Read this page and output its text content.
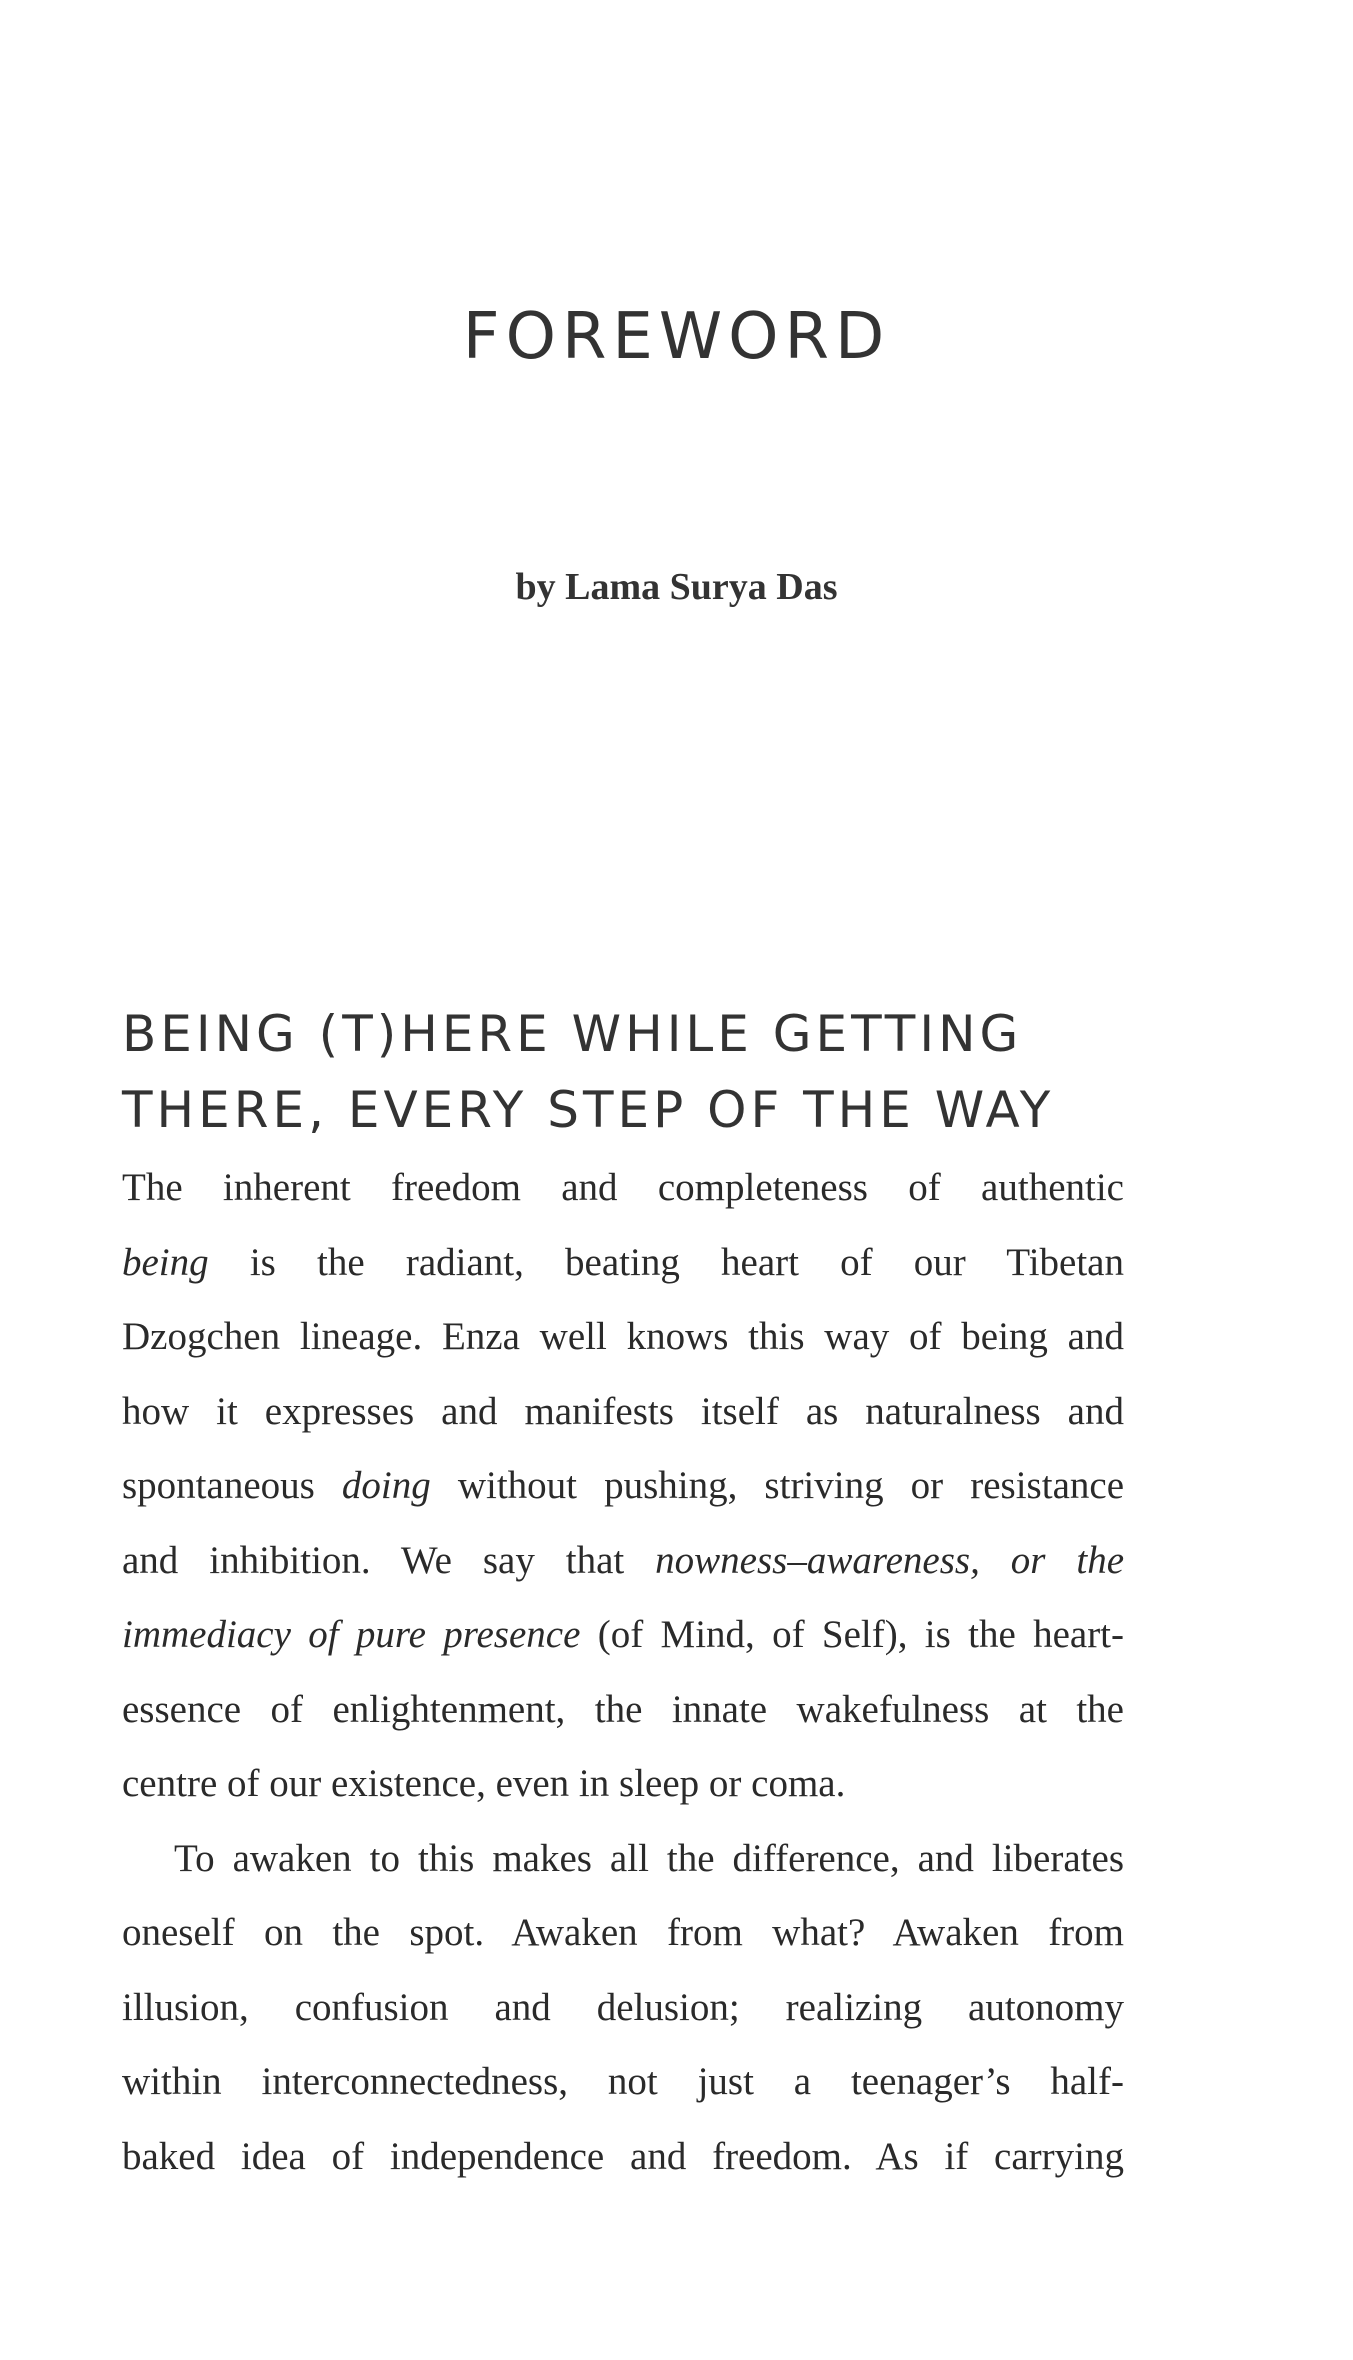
FOREWORD

by Lama Surya Das

BEING (T)HERE WHILE GETTING
THERE, EVERY STEP OF THE WAY
The inherent freedom and completeness of authentic
being is the radiant, beating heart of our Tibetan
Dzogchen lineage. Enza well knows this way of being and
how it expresses and manifests itself as naturalness and
spontaneous doing without pushing, striving or resistance
and inhibition. We say that nowness–awareness, or the
immediacy of pure presence (of Mind, of Self), is the heart-
essence of enlightenment, the innate wakefulness at the
centre of our existence, even in sleep or coma.
To awaken to this makes all the difference, and liberates
oneself on the spot. Awaken from what? Awaken from
illusion, confusion and delusion; realizing autonomy
within interconnectedness, not just a teenager’s half-
baked idea of independence and freedom. As if carrying
